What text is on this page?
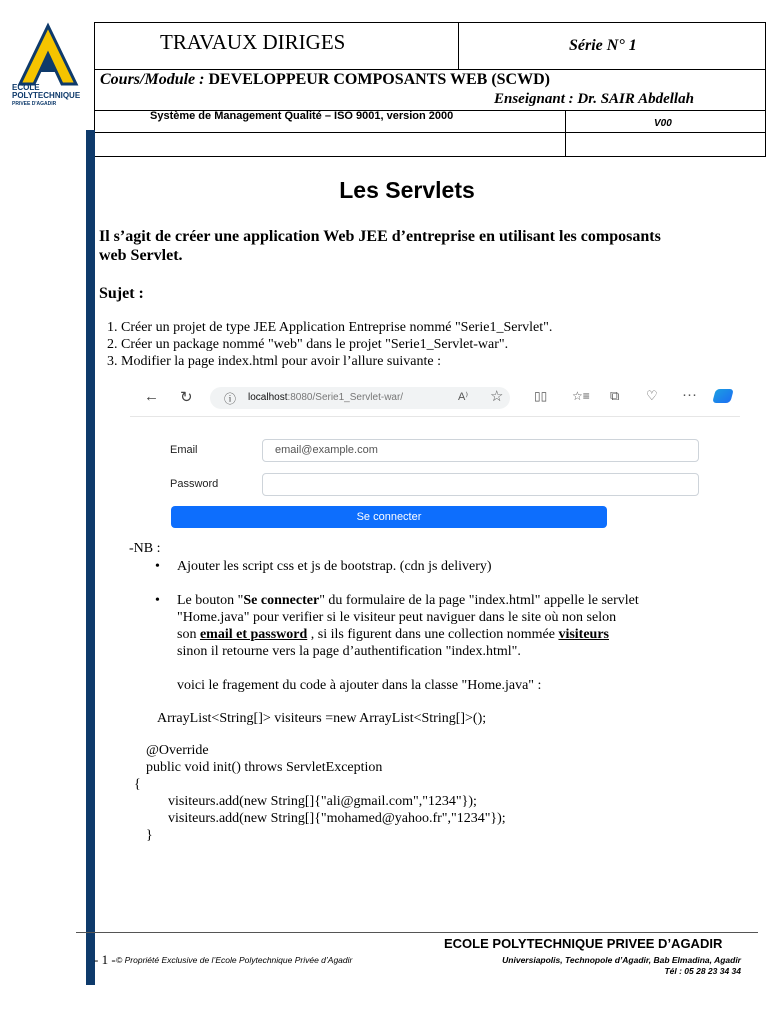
ECOLE
POLYTECHNIQUE
PRIVEE D'AGADIR
TRAVAUX DIRIGES	Série N° 1
Cours/Module : DEVELOPPEUR COMPOSANTS WEB (SCWD)
Enseignant : Dr. SAIR Abdellah
Système de Management Qualité – ISO 9001, version 2000
V00
Les Servlets
Il s’agit de créer une application Web JEE d’entreprise en utilisant les composants
web Servlet.
Sujet :
1. Créer un projet de type JEE Application Entreprise nommé "Serie1_Servlet".
2. Créer un package nommé "web" dans le projet "Serie1_Servlet-war".
3. Modifier la page index.html pour avoir l’allure suivante :
← ↻	ⓘ localhost:8080/Serie1_Servlet-war/	A⁾ ☆	▯▯ ☆≡ ⧉ ♡ ···
Email	email@example.com
Password
Se connecter
-NB :
• Ajouter les script css et js de bootstrap. (cdn js delivery)
• Le bouton "Se connecter" du formulaire de la page "index.html" appelle le servlet
"Home.java" pour verifier si le visiteur peut naviguer dans le site où non selon
son email et password , si ils figurent dans une collection nommée visiteurs
sinon il retourne vers la page d’authentification "index.html".
voici le fragement du code à ajouter dans la classe "Home.java" :
ArrayList<String[]> visiteurs =new ArrayList<String[]>();
@Override
public void init() throws ServletException
{
visiteurs.add(new String[]{"ali@gmail.com","1234"});
visiteurs.add(new String[]{"mohamed@yahoo.fr","1234"});
}
ECOLE POLYTECHNIQUE PRIVEE D’AGADIR
- 1 - © Propriété Exclusive de l’Ecole Polytechnique Privée d’Agadir	Universiapolis, Technopole d’Agadir, Bab Elmadina, Agadir
Tél : 05 28 23 34 34
